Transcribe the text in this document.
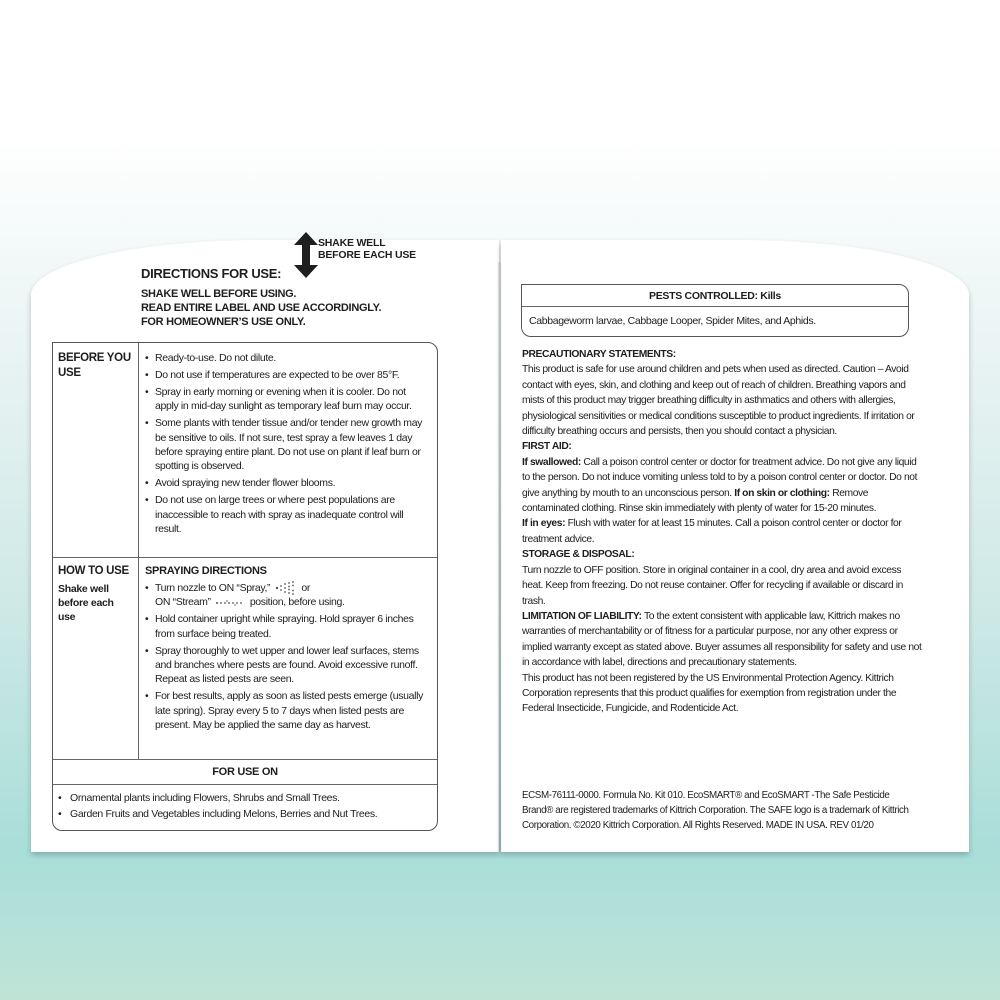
SHAKE WELL
BEFORE EACH USE
DIRECTIONS FOR USE:
SHAKE WELL BEFORE USING.
READ ENTIRE LABEL AND USE ACCORDINGLY.
FOR HOMEOWNER’S USE ONLY.
BEFORE YOU
USE
• Ready-to-use. Do not dilute.
• Do not use if temperatures are expected to be over 85°F.
• Spray in early morning or evening when it is cooler. Do not apply in mid-day sunlight as temporary leaf burn may occur.
• Some plants with tender tissue and/or tender new growth may be sensitive to oils. If not sure, test spray a few leaves 1 day before spraying entire plant. Do not use on plant if leaf burn or spotting is observed.
• Avoid spraying new tender flower blooms.
• Do not use on large trees or where pest populations are inaccessible to reach with spray as inadequate control will result.
HOW TO USE
Shake well
before each
use
SPRAYING DIRECTIONS
• Turn nozzle to ON “Spray,”	or
ON “Stream”	position, before using.
• Hold container upright while spraying. Hold sprayer 6 inches from surface being treated.
• Spray thoroughly to wet upper and lower leaf surfaces, stems and branches where pests are found. Avoid excessive runoff. Repeat as listed pests are seen.
• For best results, apply as soon as listed pests emerge (usually late spring). Spray every 5 to 7 days when listed pests are present. May be applied the same day as harvest.
FOR USE ON
• Ornamental plants including Flowers, Shrubs and Small Trees.
• Garden Fruits and Vegetables including Melons, Berries and Nut Trees.
PESTS CONTROLLED: Kills
Cabbageworm larvae, Cabbage Looper, Spider Mites, and Aphids.

PRECAUTIONARY STATEMENTS:

This product is safe for use around children and pets when used as directed. Caution – Avoid contact with eyes, skin, and clothing and keep out of reach of children. Breathing vapors and mists of this product may trigger breathing difficulty in asthmatics and others with allergies, physiological sensitivities or medical conditions susceptible to product ingredients. If irritation or difficulty breathing occurs and persists, then you should contact a physician.

FIRST AID:

If swallowed: Call a poison control center or doctor for treatment advice. Do not give any liquid to the person. Do not induce vomiting unless told to by a poison control center or doctor. Do not give anything by mouth to an unconscious person. If on skin or clothing: Remove contaminated clothing. Rinse skin immediately with plenty of water for 15-20 minutes.

If in eyes: Flush with water for at least 15 minutes. Call a poison control center or doctor for treatment advice.

STORAGE & DISPOSAL:

Turn nozzle to OFF position. Store in original container in a cool, dry area and avoid excess heat. Keep from freezing. Do not reuse container. Offer for recycling if available or discard in trash.

LIMITATION OF LIABILITY: To the extent consistent with applicable law, Kittrich makes no warranties of merchantability or of fitness for a particular purpose, nor any other express or implied warranty except as stated above. Buyer assumes all responsibility for safety and use not in accordance with label, directions and precautionary statements.

This product has not been registered by the US Environmental Protection Agency. Kittrich Corporation represents that this product qualifies for exemption from registration under the Federal Insecticide, Fungicide, and Rodenticide Act.

ECSM-76111-0000. Formula No. Kit 010. EcoSMART® and EcoSMART -The Safe Pesticide Brand® are registered trademarks of Kittrich Corporation. The SAFE logo is a trademark of Kittrich Corporation. ©2020 Kittrich Corporation. All Rights Reserved. MADE IN USA. REV 01/20
